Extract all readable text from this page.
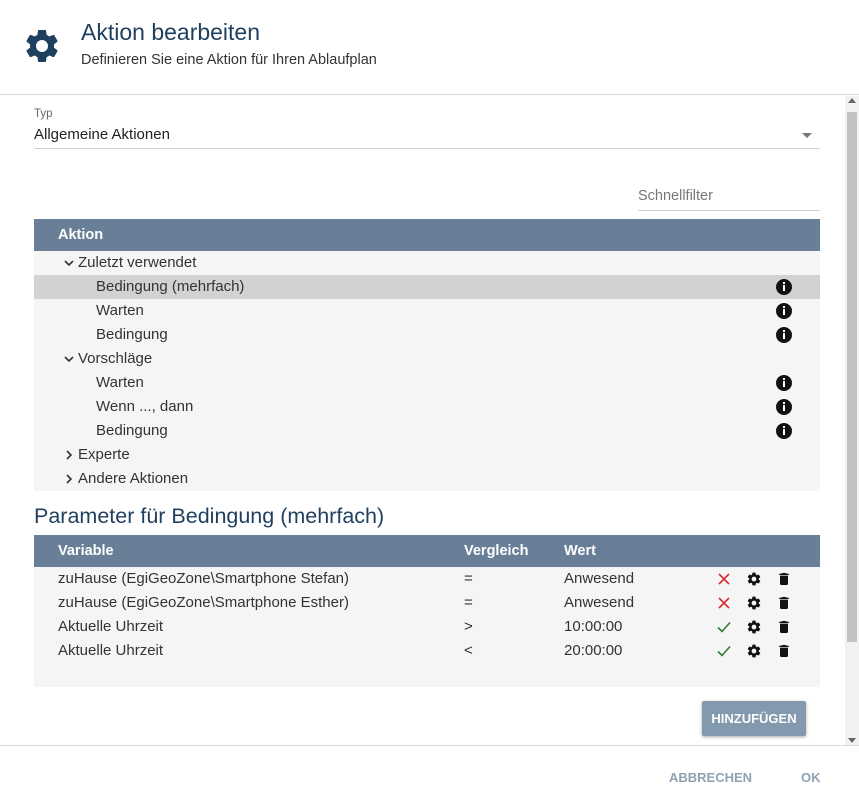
Aktion bearbeiten
Definieren Sie eine Aktion für Ihren Ablaufplan
Typ
Allgemeine Aktionen
Schnellfilter
Aktion
Zuletzt verwendet
Bedingung (mehrfach)
Warten
Bedingung
Vorschläge
Warten
Wenn ..., dann
Bedingung
Experte
Andere Aktionen
Parameter für Bedingung (mehrfach)
Variable	Vergleich Wert
zuHause (EgiGeoZone\Smartphone Stefan)	=	Anwesend
zuHause (EgiGeoZone\Smartphone Esther)	=	Anwesend
Aktuelle Uhrzeit	>	10:00:00
Aktuelle Uhrzeit	<	20:00:00
HINZUFÜGEN
ABBRECHEN	OK
